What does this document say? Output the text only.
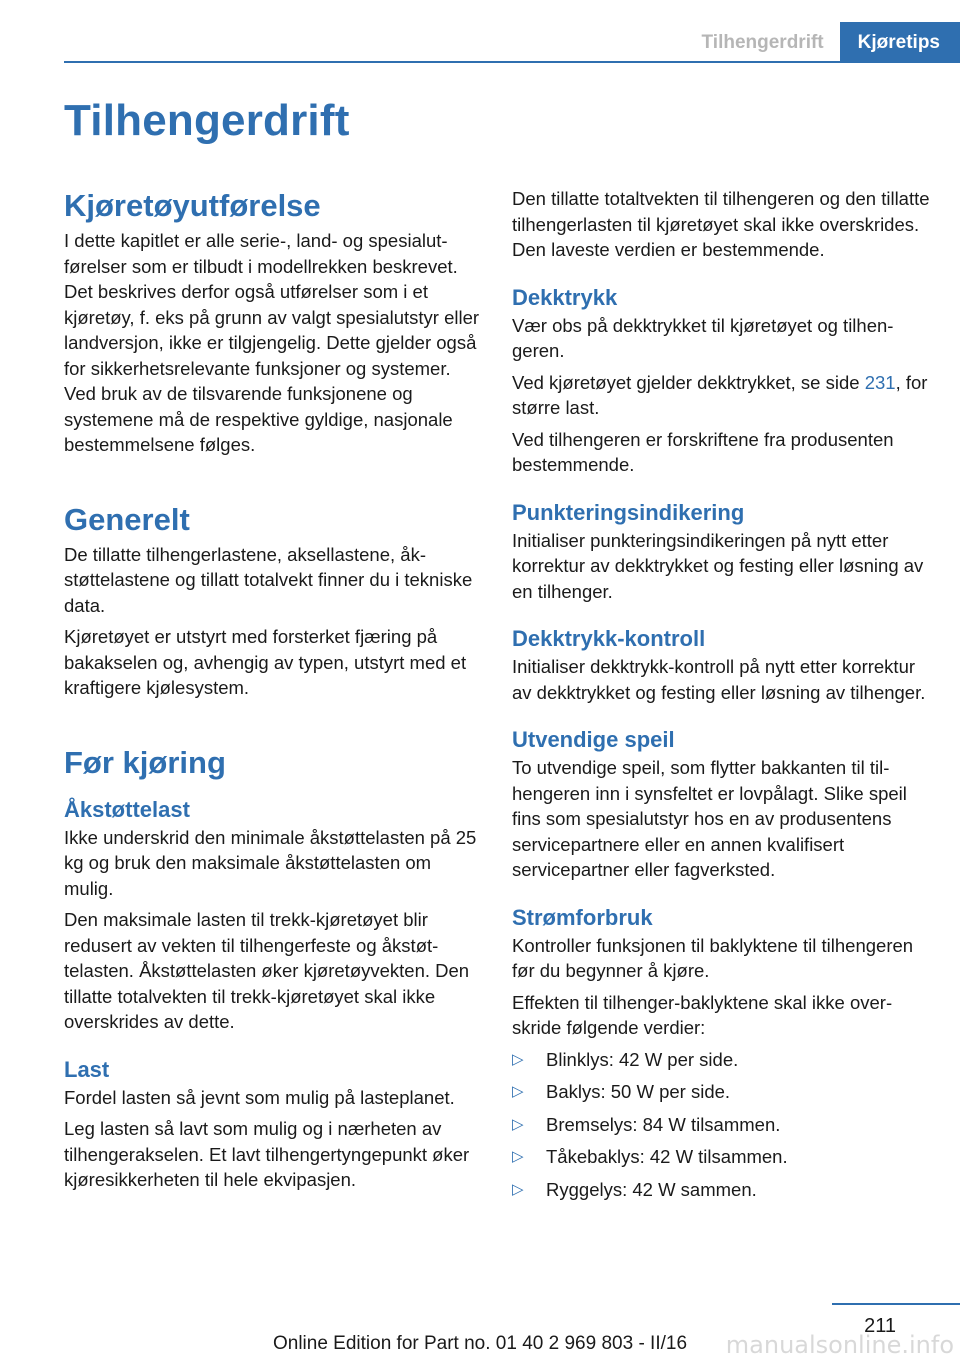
Tilhengerdrift	Kjøretips
Tilhengerdrift
Kjøretøyutførelse

I dette kapitlet er alle serie-, land- og spesialutførelser som er tilbudt i modellrekken beskrevet. Det beskrives derfor også utførelser som i et kjøretøy, f. eks på grunn av valgt spesialutstyr eller landversjon, ikke er tilgjengelig. Dette gjelder også for sikkerhetsrelevante funksjoner og systemer. Ved bruk av de tilsvarende funksjonene og systemene må de respektive gyldige, nasjonale bestemmelsene følges.

Generelt

De tillatte tilhengerlastene, aksellastene, åkstøttelastene og tillatt totalvekt finner du i tekniske data.

Kjøretøyet er utstyrt med forsterket fjæring på bakakselen og, avhengig av typen, utstyrt med et kraftigere kjølesystem.

Før kjøring
Åkstøttelast

Ikke underskrid den minimale åkstøttelasten på 25 kg og bruk den maksimale åkstøttelasten om mulig.

Den maksimale lasten til trekk-kjøretøyet blir redusert av vekten til tilhengerfeste og åkstøttelasten. Åkstøttelasten øker kjøretøyvekten. Den tillatte totalvekten til trekk-kjøretøyet skal ikke overskrides av dette.

Last

Fordel lasten så jevnt som mulig på lasteplanet.

Leg lasten så lavt som mulig og i nærheten av tilhengerakselen. Et lavt tilhengertyngepunkt øker kjøresikkerheten til hele ekvipasjen.

Den tillatte totaltvekten til tilhengeren og den tillatte tilhengerlasten til kjøretøyet skal ikke overskrides. Den laveste verdien er bestemmende.

Dekktrykk

Vær obs på dekktrykket til kjøretøyet og tilhengeren.

Ved kjøretøyet gjelder dekktrykket, se side 231, for større last.

Ved tilhengeren er forskriftene fra produsenten bestemmende.

Punkteringsindikering

Initialiser punkteringsindikeringen på nytt etter korrektur av dekktrykket og festing eller løsning av en tilhenger.

Dekktrykk-kontroll

Initialiser dekktrykk-kontroll på nytt etter korrektur av dekktrykket og festing eller løsning av tilhenger.

Utvendige speil

To utvendige speil, som flytter bakkanten til tilhengeren inn i synsfeltet er lovpålagt. Slike speil fins som spesialutstyr hos en av produsentens servicepartnere eller en annen kvalifisert servicepartner eller fagverksted.

Strømforbruk

Kontroller funksjonen til baklyktene til tilhengeren før du begynner å kjøre.

Effekten til tilhenger-baklyktene skal ikke overskride følgende verdier:

▷	Blinklys: 42 W per side.
▷	Baklys: 50 W per side.
▷	Bremselys: 84 W tilsammen.
▷	Tåkebaklys: 42 W tilsammen.
▷	Ryggelys: 42 W sammen.
211
Online Edition for Part no. 01 40 2 969 803 - II/16	manualsonline.info
